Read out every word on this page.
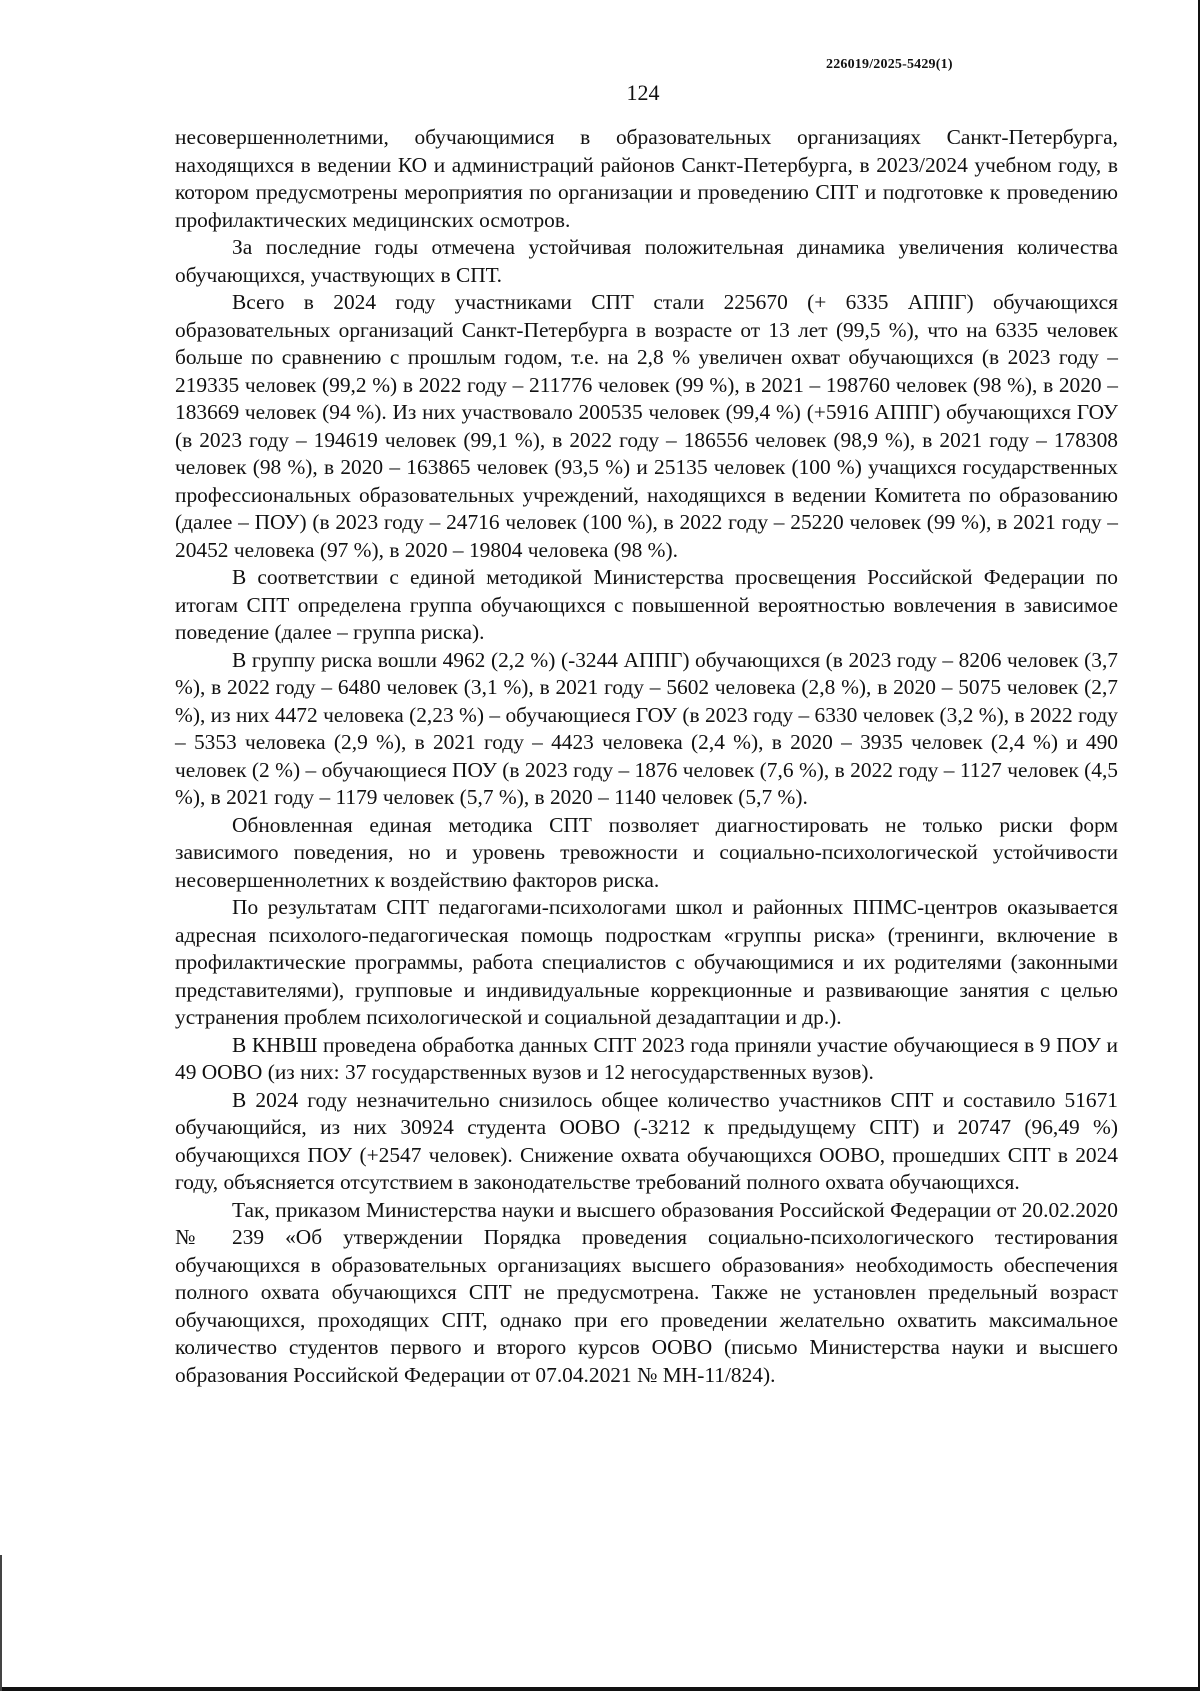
226019/2025-5429(1)
124

несовершеннолетними, обучающимися в образовательных организациях Санкт-Петербурга, находящихся в ведении КО и администраций районов Санкт-Петербурга, в 2023/2024 учебном году, в котором предусмотрены мероприятия по организации и проведению СПТ и подготовке к проведению профилактических медицинских осмотров.

За последние годы отмечена устойчивая положительная динамика увеличения количества обучающихся, участвующих в СПТ.

Всего в 2024 году участниками СПТ стали 225670 (+ 6335 АППГ) обучающихся образовательных организаций Санкт-Петербурга в возрасте от 13 лет (99,5 %), что на 6335 человек больше по сравнению с прошлым годом, т.е. на 2,8 % увеличен охват обучающихся (в 2023 году – 219335 человек (99,2 %) в 2022 году – 211776 человек (99 %), в 2021 – 198760 человек (98 %), в 2020 – 183669 человек (94 %). Из них участвовало 200535 человек (99,4 %) (+5916 АППГ) обучающихся ГОУ (в 2023 году – 194619 человек (99,1 %), в 2022 году – 186556 человек (98,9 %), в 2021 году – 178308 человек (98 %), в 2020 – 163865 человек (93,5 %) и 25135 человек (100 %) учащихся государственных профессиональных образовательных учреждений, находящихся в ведении Комитета по образованию (далее – ПОУ) (в 2023 году – 24716 человек (100 %), в 2022 году – 25220 человек (99 %), в 2021 году – 20452 человека (97 %), в 2020 – 19804 человека (98 %).

В соответствии с единой методикой Министерства просвещения Российской Федерации по итогам СПТ определена группа обучающихся с повышенной вероятностью вовлечения в зависимое поведение (далее – группа риска).

В группу риска вошли 4962 (2,2 %) (-3244 АППГ) обучающихся (в 2023 году – 8206 человек (3,7 %), в 2022 году – 6480 человек (3,1 %), в 2021 году – 5602 человека (2,8 %), в 2020 – 5075 человек (2,7 %), из них 4472 человека (2,23 %) – обучающиеся ГОУ (в 2023 году – 6330 человек (3,2 %), в 2022 году – 5353 человека (2,9 %), в 2021 году – 4423 человека (2,4 %), в 2020 – 3935 человек (2,4 %) и 490 человек (2 %) – обучающиеся ПОУ (в 2023 году – 1876 человек (7,6 %), в 2022 году – 1127 человек (4,5 %), в 2021 году – 1179 человек (5,7 %), в 2020 – 1140 человек (5,7 %).

Обновленная единая методика СПТ позволяет диагностировать не только риски форм зависимого поведения, но и уровень тревожности и социально-психологической устойчивости несовершеннолетних к воздействию факторов риска.

По результатам СПТ педагогами-психологами школ и районных ППМС-центров оказывается адресная психолого-педагогическая помощь подросткам «группы риска» (тренинги, включение в профилактические программы, работа специалистов с обучающимися и их родителями (законными представителями), групповые и индивидуальные коррекционные и развивающие занятия с целью устранения проблем психологической и социальной дезадаптации и др.).

В КНВШ проведена обработка данных СПТ 2023 года приняли участие обучающиеся в 9 ПОУ и 49 ООВО (из них: 37 государственных вузов и 12 негосударственных вузов).

В 2024 году незначительно снизилось общее количество участников СПТ и составило 51671 обучающийся, из них 30924 студента ООВО (-3212 к предыдущему СПТ) и 20747 (96,49 %) обучающихся ПОУ (+2547 человек). Снижение охвата обучающихся ООВО, прошедших СПТ в 2024 году, объясняется отсутствием в законодательстве требований полного охвата обучающихся.

Так, приказом Министерства науки и высшего образования Российской Федерации от 20.02.2020 № 239 «Об утверждении Порядка проведения социально-психологического тестирования обучающихся в образовательных организациях высшего образования» необходимость обеспечения полного охвата обучающихся СПТ не предусмотрена. Также не установлен предельный возраст обучающихся, проходящих СПТ, однако при его проведении желательно охватить максимальное количество студентов первого и второго курсов ООВО (письмо Министерства науки и высшего образования Российской Федерации от 07.04.2021 № МН-11/824).
